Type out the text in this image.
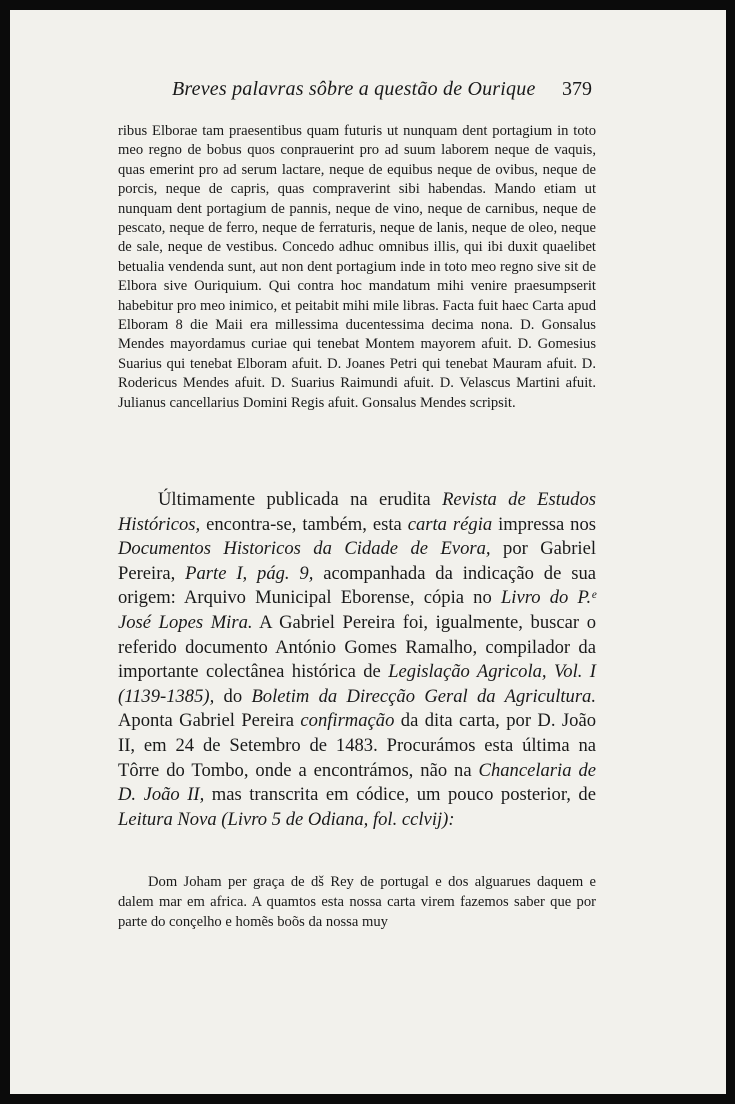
Breves palavras sôbre a questão de Ourique 379
ribus Elborae tam praesentibus quam futuris ut nunquam dent portagium in toto meo regno de bobus quos conprauerint pro ad suum laborem neque de vaquis, quas emerint pro ad serum lactare, neque de equibus neque de ovibus, neque de porcis, neque de capris, quas compraverint sibi habendas. Mando etiam ut nunquam dent portagium de pannis, neque de vino, neque de carnibus, neque de pescato, neque de ferro, neque de ferraturis, neque de lanis, neque de oleo, neque de sale, neque de vestibus. Concedo adhuc omnibus illis, qui ibi duxit quaelibet betualia vendenda sunt, aut non dent portagium inde in toto meo regno sive sit de Elbora sive Ouriquium. Qui contra hoc mandatum mihi venire praesumpserit habebitur pro meo inimico, et peitabit mihi mile libras. Facta fuit haec Carta apud Elboram 8 die Maii era millessima ducentessima decima nona. D. Gonsalus Mendes mayordamus curiae qui tenebat Montem mayorem afuit. D. Gomesius Suarius qui tenebat Elboram afuit. D. Joanes Petri qui tenebat Mauram afuit. D. Rodericus Mendes afuit. D. Suarius Raimundi afuit. D. Velascus Martini afuit. Julianus cancellarius Domini Regis afuit. Gonsalus Mendes scripsit.

Últimamente publicada na erudita Revista de Estudos Históricos, encontra-se, também, esta carta régia impressa nos Documentos Historicos da Cidade de Evora, por Gabriel Pereira, Parte I, pág. 9, acompanhada da indicação de sua origem: Arquivo Municipal Eborense, cópia no Livro do P.ᵉ José Lopes Mira. A Gabriel Pereira foi, igualmente, buscar o referido documento António Gomes Ramalho, compilador da importante colectânea histórica de Legislação Agricola, Vol. I (1139-1385), do Boletim da Direcção Geral da Agricultura. Aponta Gabriel Pereira confirmação da dita carta, por D. João II, em 24 de Setembro de 1483. Procurámos esta última na Tôrre do Tombo, onde a encontrámos, não na Chancelaria de D. João II, mas transcrita em códice, um pouco posterior, de Leitura Nova (Livro 5 de Odiana, fol. cclvij):

Dom Joham per graça de dš Rey de portugal e dos alguarues daquem e dalem mar em africa. A quamtos esta nossa carta virem fazemos saber que por parte do conçelho e homẽs boõs da nossa muy
